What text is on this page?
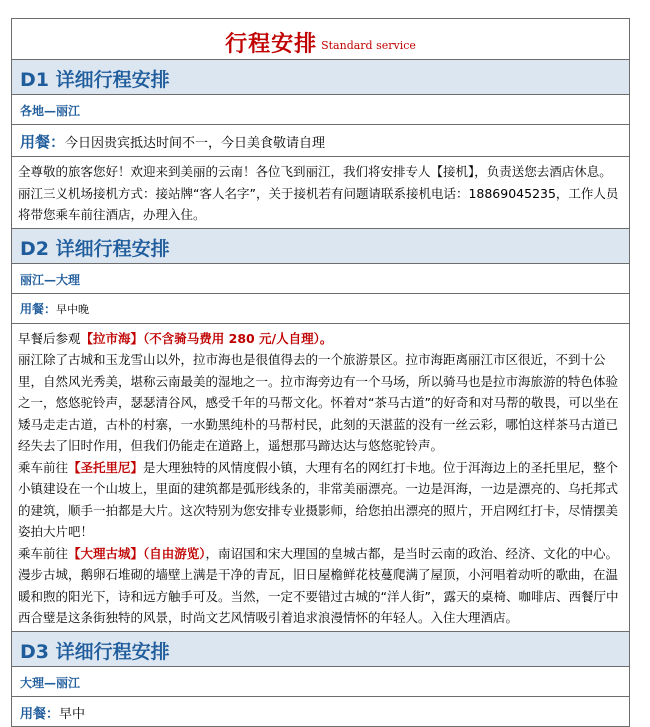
行程安排 $_{Standard service}$
D1 详细行程安排
各地—丽江
用餐：今日因贵宾抵达时间不一，今日美食敬请自理

全尊敬的旅客您好！欢迎来到美丽的云南！各位飞到丽江，我们将安排专人【接机】，负责送您去酒店休息。丽江三义机场接机方式：接站牌“客人名字”，关于接机若有问题请联系接机电话：18869045235，工作人员将带您乘车前往酒店，办理入住。

D2 详细行程安排
丽江—大理
用餐：早中晚

早餐后参观【拉市海】（不含骑马费用 280 元/人自理）。

丽江除了古城和玉龙雪山以外，拉市海也是很值得去的一个旅游景区。拉市海距离丽江市区很近，不到十公里，自然风光秀美，堪称云南最美的湿地之一。拉市海旁边有一个马场，所以骑马也是拉市海旅游的特色体验之一，悠悠驼铃声，瑟瑟清谷风，感受千年的马帮文化。怀着对“茶马古道”的好奇和对马帮的敬畏，可以坐在矮马走走古道，古朴的村寨，一水勤黑纯朴的马帮村民，此刻的天湛蓝的没有一丝云彩，哪怕这样茶马古道已经失去了旧时作用，但我们仍能走在道路上，遥想那马蹄达达与悠悠驼铃声。

乘车前往【圣托里尼】是大理独特的风情度假小镇，大理有名的网红打卡地。位于洱海边上的圣托里尼，整个小镇建设在一个山坡上，里面的建筑都是弧形线条的，非常美丽漂亮。一边是洱海，一边是漂亮的、乌托邦式的建筑，顺手一拍都是大片。这次特别为您安排专业摄影师，给您拍出漂亮的照片，开启网红打卡，尽情摆美姿拍大片吧！

乘车前往【大理古城】（自由游览），南诏国和宋大理国的皇城古都，是当时云南的政治、经济、文化的中心。漫步古城，鹅卵石堆砌的墙壁上满是干净的青瓦，旧日屋檐鲜花枝蔓爬满了屋顶，小河唱着动听的歌曲，在温暖和煦的阳光下，诗和远方触手可及。当然，一定不要错过古城的“洋人街”，露天的桌椅、咖啡店、西餐厅中西合璧是这条街独特的风景，时尚文艺风情吸引着追求浪漫情怀的年轻人。入住大理酒店。

D3 详细行程安排
大理—丽江
用餐：早中
